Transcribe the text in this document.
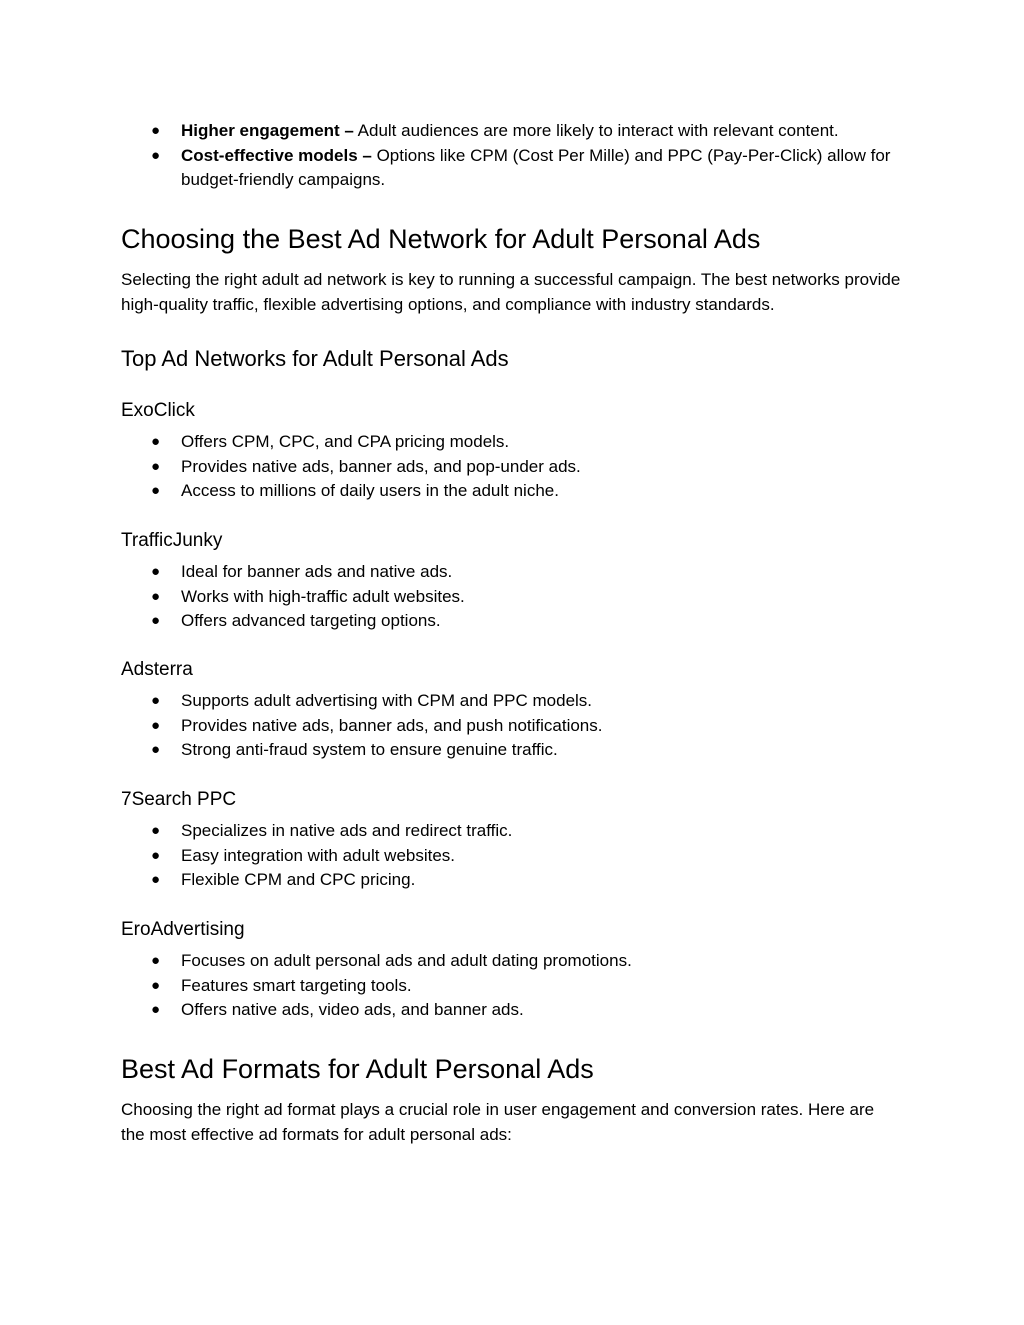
● Higher engagement – Adult audiences are more likely to interact with relevant content.
● Cost-effective models – Options like CPM (Cost Per Mille) and PPC (Pay-Per-Click) allow for budget-friendly campaigns.
Choosing the Best Ad Network for Adult Personal Ads

Selecting the right adult ad network is key to running a successful campaign. The best networks provide high-quality traffic, flexible advertising options, and compliance with industry standards.

Top Ad Networks for Adult Personal Ads
ExoClick
● Offers CPM, CPC, and CPA pricing models.
● Provides native ads, banner ads, and pop-under ads.
● Access to millions of daily users in the adult niche.
TrafficJunky
● Ideal for banner ads and native ads.
● Works with high-traffic adult websites.
● Offers advanced targeting options.
Adsterra
● Supports adult advertising with CPM and PPC models.
● Provides native ads, banner ads, and push notifications.
● Strong anti-fraud system to ensure genuine traffic.
7Search PPC
● Specializes in native ads and redirect traffic.
● Easy integration with adult websites.
● Flexible CPM and CPC pricing.
EroAdvertising
● Focuses on adult personal ads and adult dating promotions.
● Features smart targeting tools.
● Offers native ads, video ads, and banner ads.
Best Ad Formats for Adult Personal Ads

Choosing the right ad format plays a crucial role in user engagement and conversion rates. Here are the most effective ad formats for adult personal ads:
